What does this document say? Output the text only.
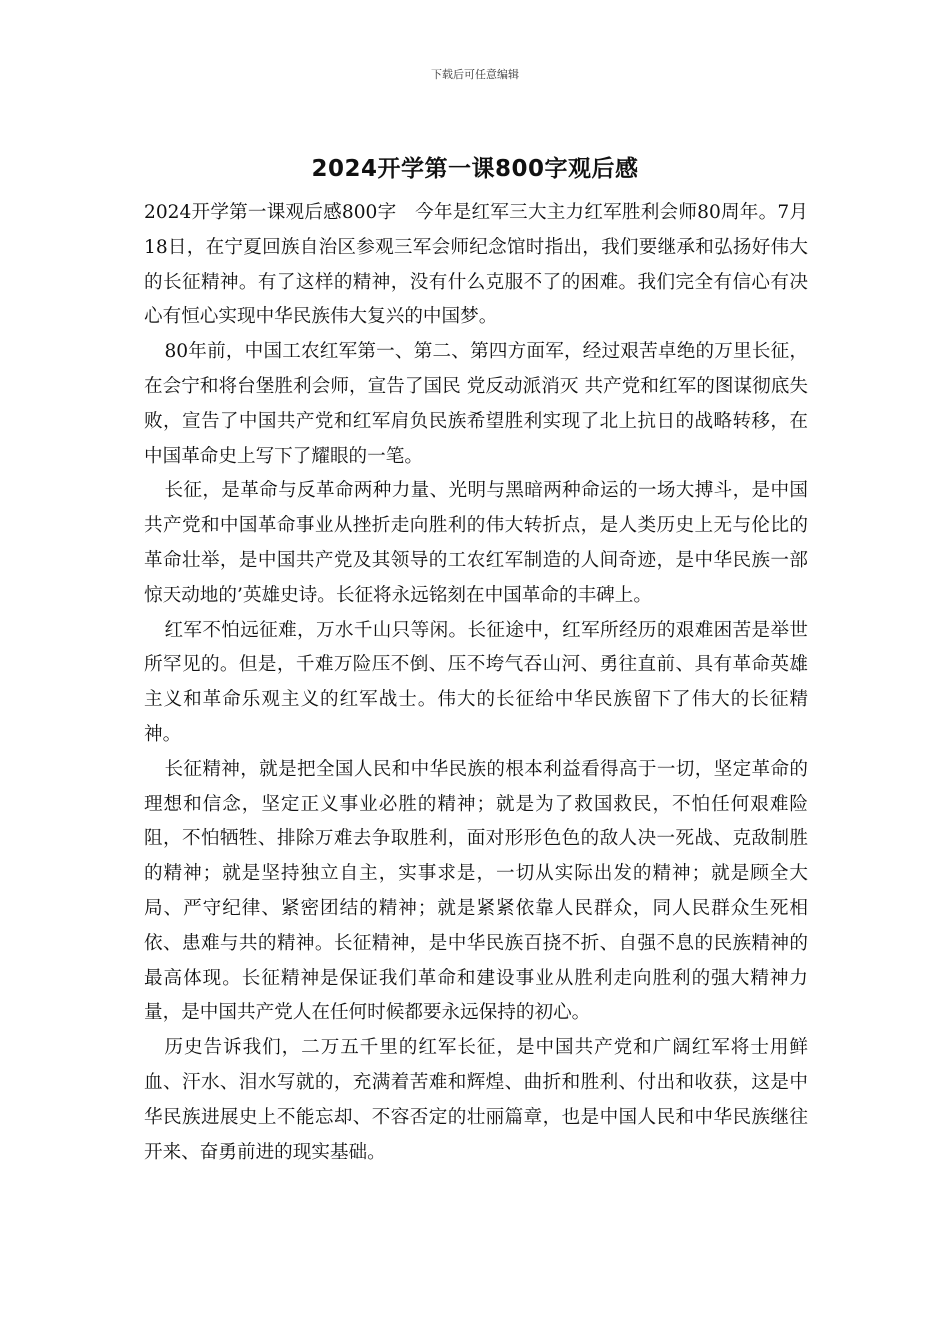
下载后可任意编辑
2024开学第一课800字观后感

2024开学第一课观后感800字　今年是红军三大主力红军胜利会师80周年。7月18日，在宁夏回族自治区参观三军会师纪念馆时指出，我们要继承和弘扬好伟大的长征精神。有了这样的精神，没有什么克服不了的困难。我们完全有信心有决心有恒心实现中华民族伟大复兴的中国梦。

80年前，中国工农红军第一、第二、第四方面军，经过艰苦卓绝的万里长征，在会宁和将台堡胜利会师，宣告了国民 党反动派消灭 共产党和红军的图谋彻底失败，宣告了中国共产党和红军肩负民族希望胜利实现了北上抗日的战略转移，在中国革命史上写下了耀眼的一笔。

长征，是革命与反革命两种力量、光明与黑暗两种命运的一场大搏斗，是中国共产党和中国革命事业从挫折走向胜利的伟大转折点，是人类历史上无与伦比的革命壮举，是中国共产党及其领导的工农红军制造的人间奇迹，是中华民族一部惊天动地的’英雄史诗。长征将永远铭刻在中国革命的丰碑上。

红军不怕远征难，万水千山只等闲。长征途中，红军所经历的艰难困苦是举世所罕见的。但是，千难万险压不倒、压不垮气吞山河、勇往直前、具有革命英雄主义和革命乐观主义的红军战士。伟大的长征给中华民族留下了伟大的长征精神。

长征精神，就是把全国人民和中华民族的根本利益看得高于一切，坚定革命的理想和信念，坚定正义事业必胜的精神；就是为了救国救民，不怕任何艰难险阻，不怕牺牲、排除万难去争取胜利，面对形形色色的敌人决一死战、克敌制胜的精神；就是坚持独立自主，实事求是，一切从实际出发的精神；就是顾全大局、严守纪律、紧密团结的精神；就是紧紧依靠人民群众，同人民群众生死相依、患难与共的精神。长征精神，是中华民族百挠不折、自强不息的民族精神的最高体现。长征精神是保证我们革命和建设事业从胜利走向胜利的强大精神力量，是中国共产党人在任何时候都要永远保持的初心。

历史告诉我们，二万五千里的红军长征，是中国共产党和广阔红军将士用鲜血、汗水、泪水写就的，充满着苦难和辉煌、曲折和胜利、付出和收获，这是中华民族进展史上不能忘却、不容否定的壮丽篇章，也是中国人民和中华民族继往开来、奋勇前进的现实基础。
